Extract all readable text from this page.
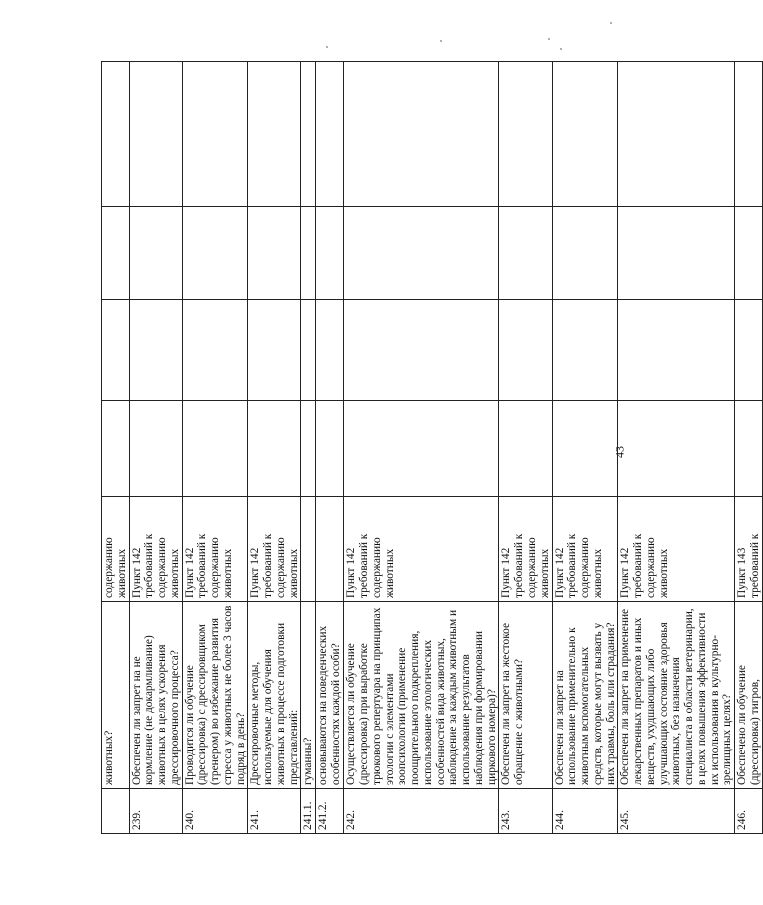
43
	животных?	содержанию животных				
239.	Обеспечен ли запрет на не кормление (не докармливание) животных в целях ускорения дрессировочного процесса?	Пункт 142 требований к содержанию животных				
240.	Проводится ли обучение (дрессировка) с дрессировщиком (тренером) во избежание развития стресса у животных не более 3 часов подряд в день?	Пункт 142 требований к содержанию животных				
241.	Дрессировочные методы, используемые для обучения животных в процессе подготовки представлений:	Пункт 142 требований к содержанию животных				
241.1.	гуманны?					
241.2.	основываются на поведенческих особенностях каждой особи?					
242.	Осуществляется ли обучение (дрессировка) при выработке трюкового репертуара на принципах этологии с элементами зоопсихологии (применение поощрительного подкрепления, использование этологических особенностей вида животных, наблюдение за каждым животным и использование результатов наблюдения при формировании циркового номера)?	Пункт 142 требований к содержанию животных				
243.	Обеспечен ли запрет на жестокое обращение с животными?	Пункт 142 требований к содержанию животных				
244.	Обеспечен ли запрет на использование применительно к животным вспомогательных средств, которые могут вызвать у них травмы, боль или страдания?	Пункт 142 требований к содержанию животных				
245.	Обеспечен ли запрет на применение лекарственных препаратов и иных веществ, ухудшающих либо улучшающих состояние здоровья животных, без назначения специалиста в области ветеринарии, в целях повышения эффективности их использования в культурно-зрелищных целях?	Пункт 142 требований к содержанию животных				
246.	Обеспечено ли обучение (дрессировка) тигров,	Пункт 143 требований к				
